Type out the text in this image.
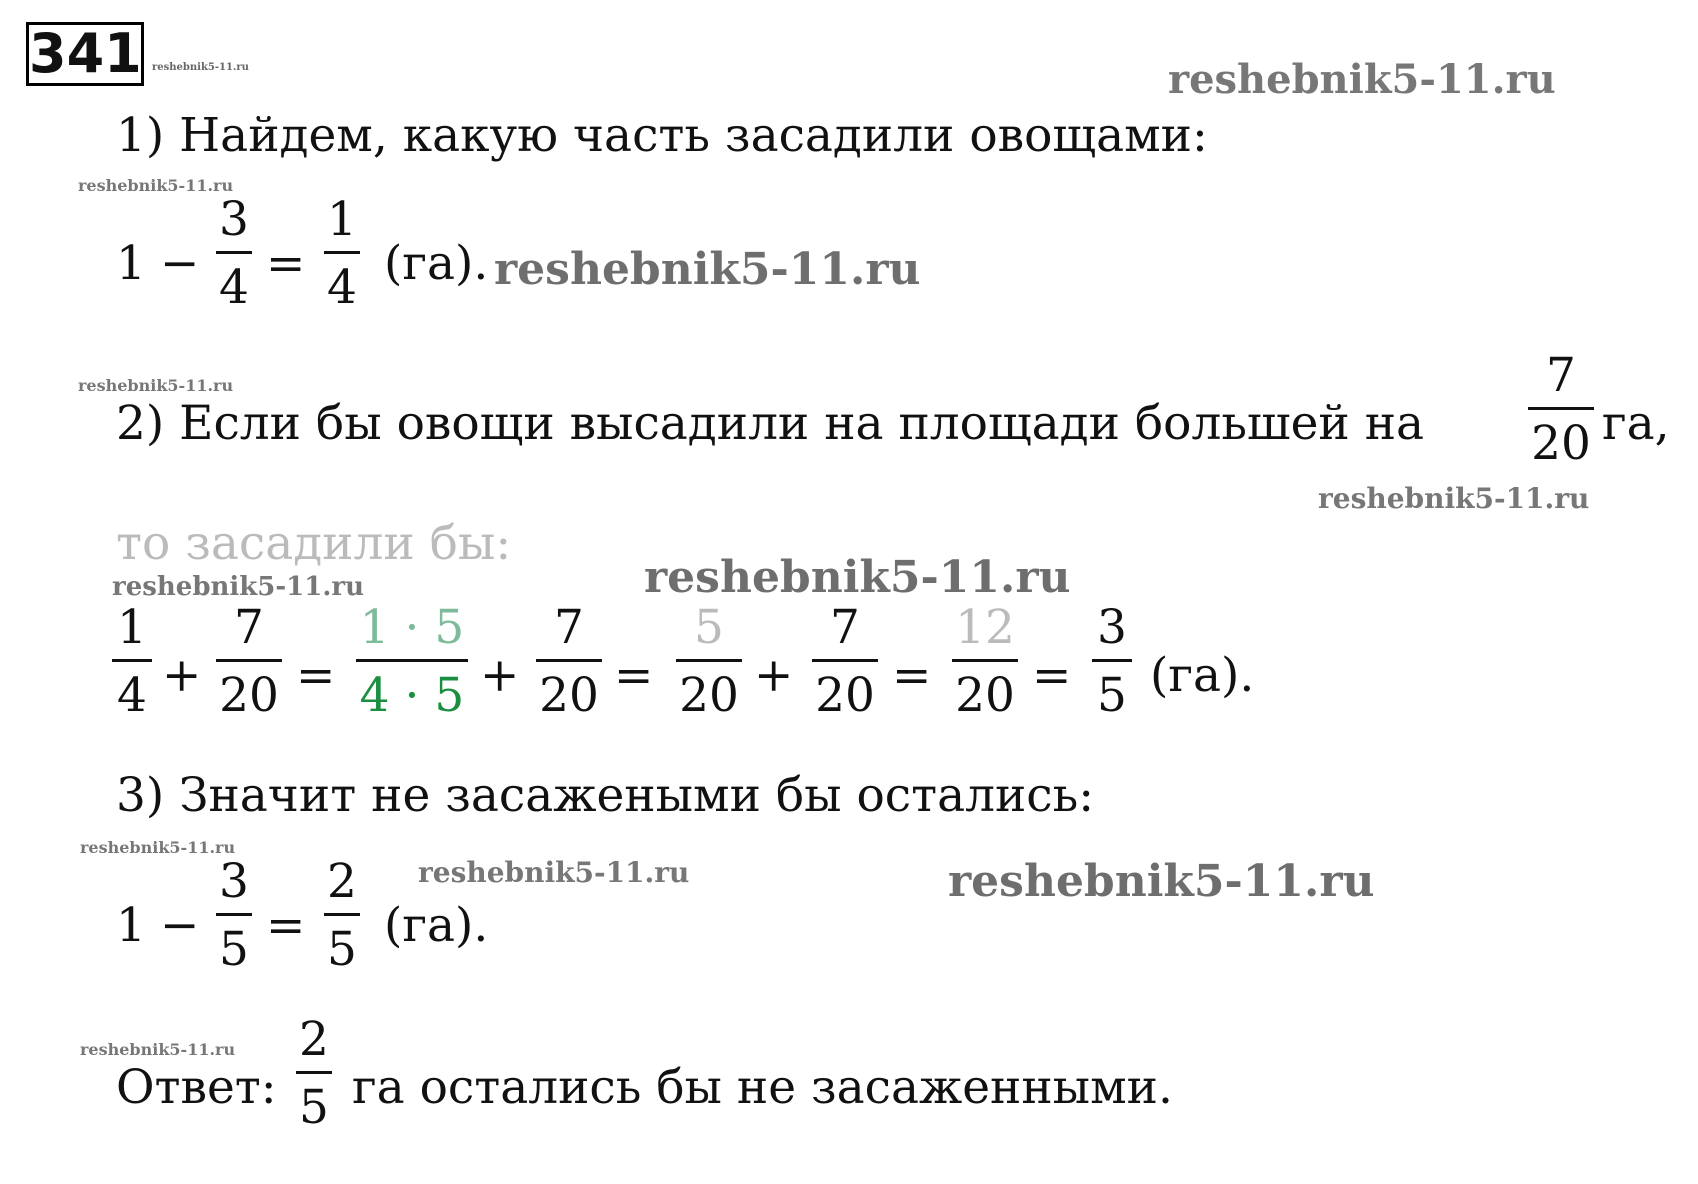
341 reshebnik5-11.ru	reshebnik5-11.ru
reshebnik5-11.ru
reshebnik5-11.ru
reshebnik5-11.ru
reshebnik5-11.ru
reshebnik5-11.ru	reshebnik5-11.ru
reshebnik5-11.ru
reshebnik5-11.ru	reshebnik5-11.ru
reshebnik5-11.ru
1) Найдем, какую часть засадили овощами:
1 −
3
4 =
1
4 (га).
2) Если бы овощи высадили на площади большей на
7
20 га,
то засадили бы:
1
4 +
7
20 =
1 · 5
4 · 5 +
7
20 =
5
20 +
7
20 =
12
20 =
3
5 (га).
3) Значит не засажеными бы остались:
1 −
3
5 =
2
5 (га).
Ответ:
2
5 га остались бы не засаженными.
